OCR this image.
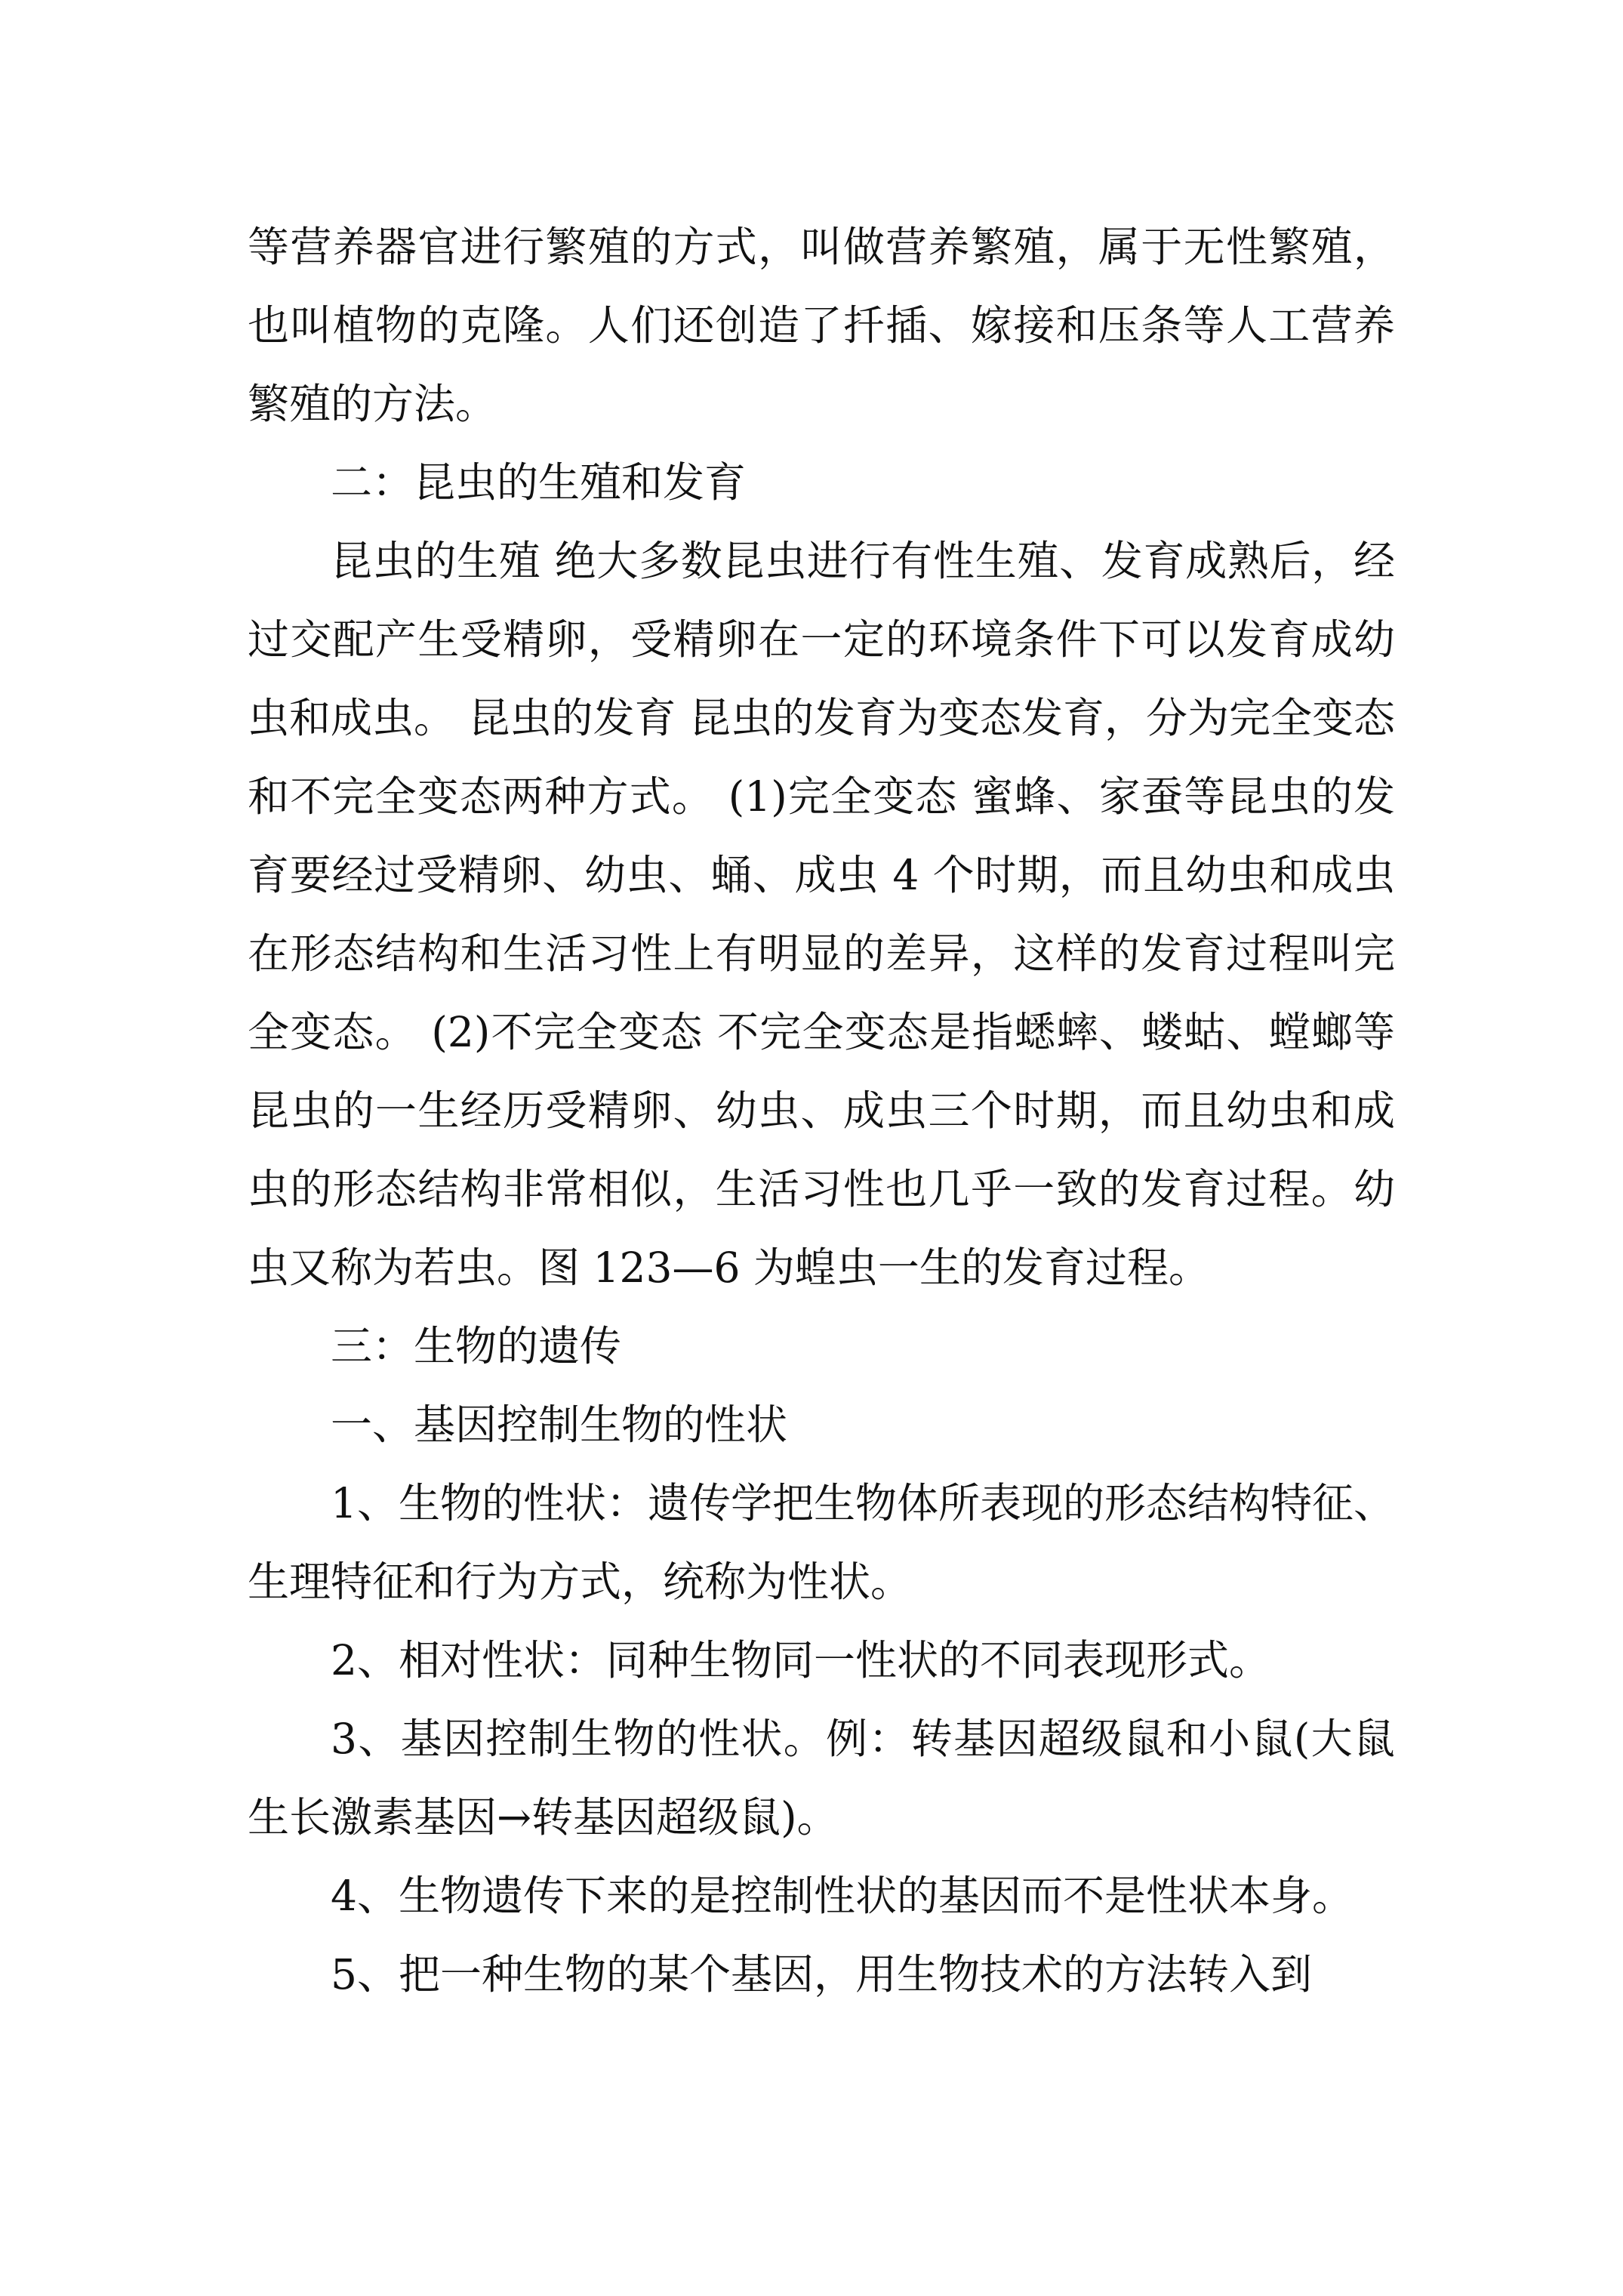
等营养器官进行繁殖的方式，叫做营养繁殖，属于无性繁殖，也叫植物的克隆。人们还创造了扦插、嫁接和压条等人工营养繁殖的方法。

二：昆虫的生殖和发育

昆虫的生殖 绝大多数昆虫进行有性生殖、发育成熟后，经过交配产生受精卵，受精卵在一定的环境条件下可以发育成幼虫和成虫。 昆虫的发育 昆虫的发育为变态发育，分为完全变态和不完全变态两种方式。 (1)完全变态 蜜蜂、家蚕等昆虫的发育要经过受精卵、幼虫、蛹、成虫 4 个时期，而且幼虫和成虫在形态结构和生活习性上有明显的差异，这样的发育过程叫完全变态。 (2)不完全变态 不完全变态是指蟋蟀、蝼蛄、螳螂等昆虫的一生经历受精卵、幼虫、成虫三个时期，而且幼虫和成虫的形态结构非常相似，生活习性也几乎一致的发育过程。幼虫又称为若虫。图 123—6 为蝗虫一生的发育过程。

三：生物的遗传

一、基因控制生物的性状

1、生物的性状：遗传学把生物体所表现的形态结构特征、生理特征和行为方式，统称为性状。

2、相对性状：同种生物同一性状的不同表现形式。

3、基因控制生物的性状。例：转基因超级鼠和小鼠(大鼠生长激素基因→转基因超级鼠)。

4、生物遗传下来的是控制性状的基因而不是性状本身。

5、把一种生物的某个基因，用生物技术的方法转入到
